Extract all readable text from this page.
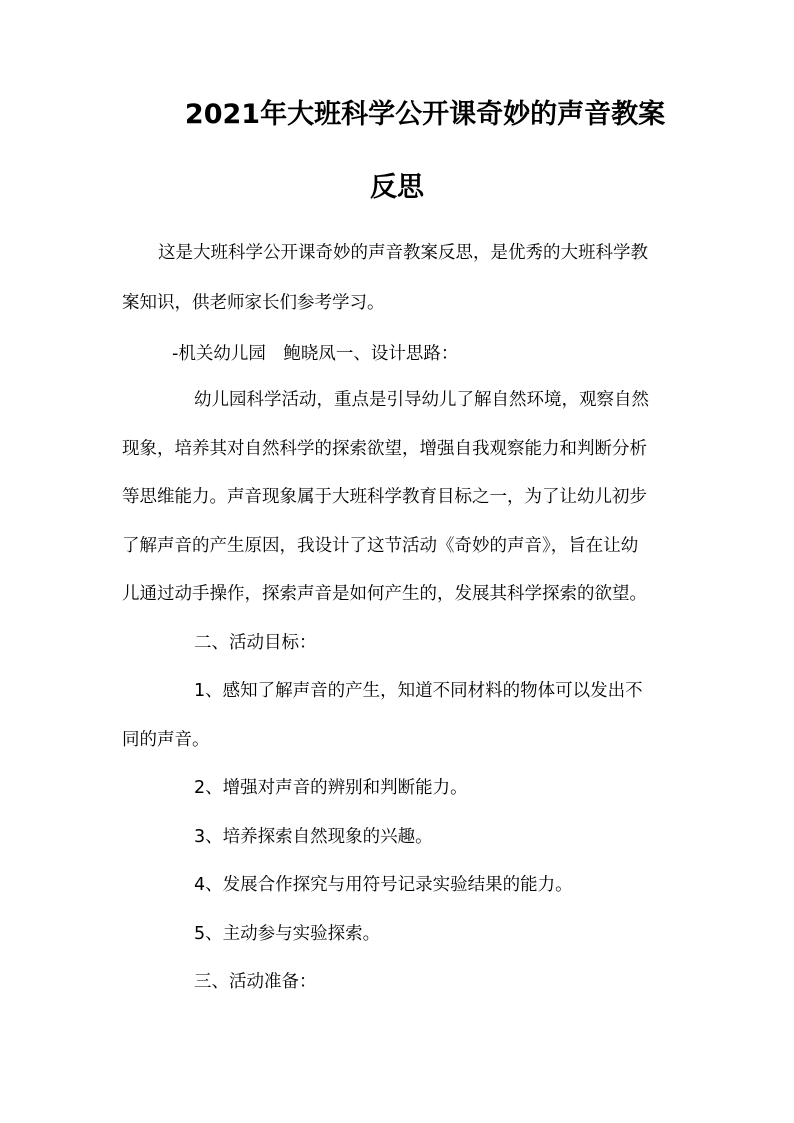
2021年大班科学公开课奇妙的声音教案
反思
这是大班科学公开课奇妙的声音教案反思，是优秀的大班科学教
案知识，供老师家长们参考学习。
-机关幼儿园　鲍晓凤一、设计思路：
幼儿园科学活动，重点是引导幼儿了解自然环境，观察自然
现象，培养其对自然科学的探索欲望，增强自我观察能力和判断分析
等思维能力。声音现象属于大班科学教育目标之一，为了让幼儿初步
了解声音的产生原因，我设计了这节活动《奇妙的声音》，旨在让幼
儿通过动手操作，探索声音是如何产生的，发展其科学探索的欲望。
二、活动目标：
1、感知了解声音的产生，知道不同材料的物体可以发出不
同的声音。
2、增强对声音的辨别和判断能力。
3、培养探索自然现象的兴趣。
4、发展合作探究与用符号记录实验结果的能力。
5、主动参与实验探索。
三、活动准备：
